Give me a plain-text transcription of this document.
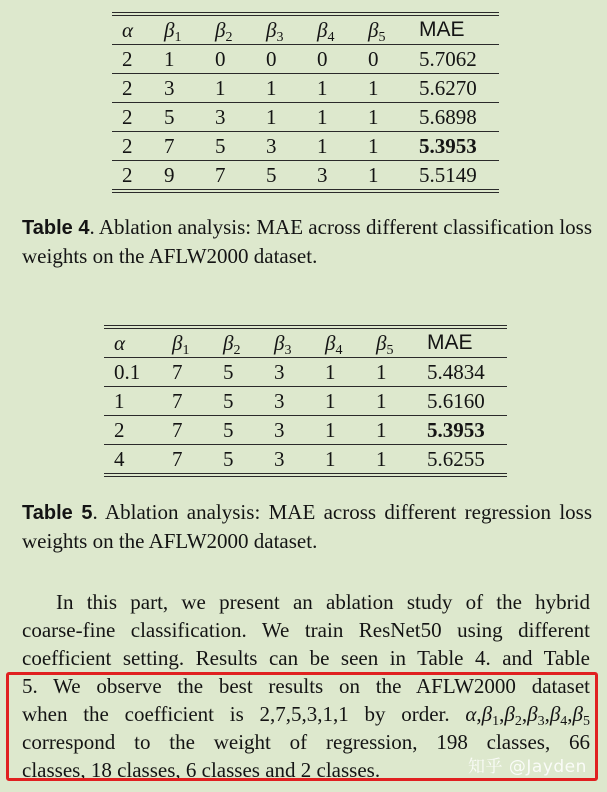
α	$\beta_1$	$\beta_2$	$\beta_3$	$\beta_4$	$\beta_5$	MAE
2	1	0	0	0	0	5.7062
2	3	1	1	1	1	5.6270
2	5	3	1	1	1	5.6898
2	7	5	3	1	1	5.3953
2	9	7	5	3	1	5.5149
Table 4. Ablation analysis: MAE across different classification loss weights on the AFLW2000 dataset.
α	$\beta_1$	$\beta_2$	$\beta_3$	$\beta_4$	$\beta_5$	MAE
0.1	7	5	3	1	1	5.4834
1	7	5	3	1	1	5.6160
2	7	5	3	1	1	5.3953
4	7	5	3	1	1	5.6255
Table 5. Ablation analysis: MAE across different regression loss weights on the AFLW2000 dataset.
In this part, we present an ablation study of the hybrid
coarse-fine classification. We train ResNet50 using different
coefficient setting. Results can be seen in Table 4. and Table
5. We observe the best results on the AFLW2000 dataset
when the coefficient is 2,7,5,3,1,1 by order. $\alpha,\beta_1,\beta_2,\beta_3,\beta_4,\beta_5$
correspond to the weight of regression, 198 classes, 66
classes, 18 classes, 6 classes and 2 classes.	知乎 @Jayden
